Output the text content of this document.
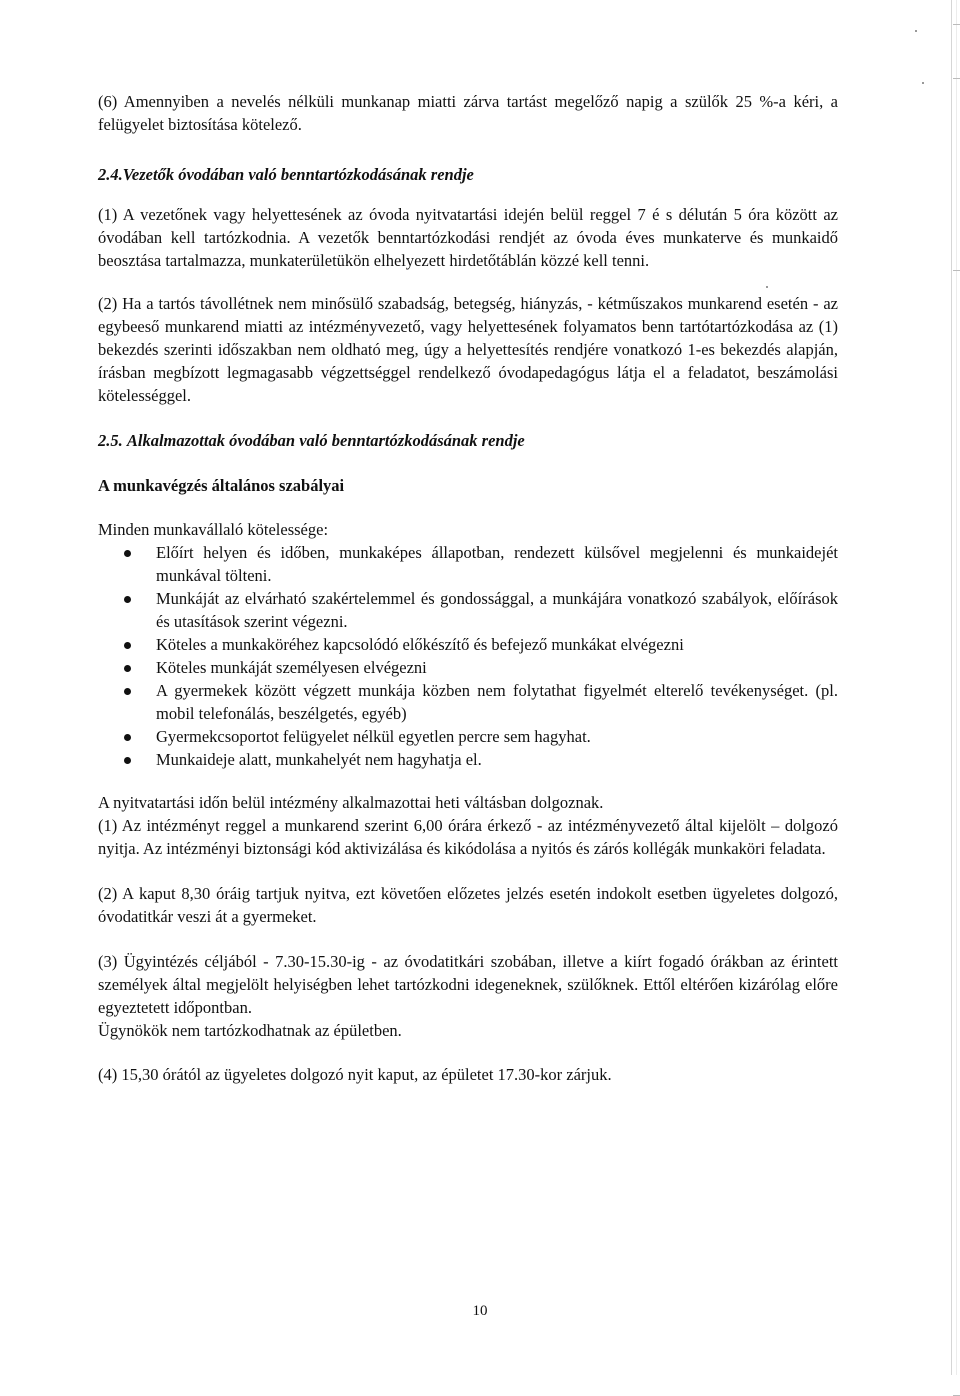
(6) Amennyiben a nevelés nélküli munkanap miatti zárva tartást megelőző napig a szülők 25 %-a kéri, a felügyelet biztosítása kötelező.

2.4.Vezetők óvodában való benntartózkodásának rendje

(1) A vezetőnek vagy helyettesének az óvoda nyitvatartási idején belül reggel 7 é s délután 5 óra között az óvodában kell tartózkodnia. A vezetők benntartózkodási rendjét az óvoda éves munkaterve és munkaidő beosztása tartalmazza, munkaterületükön elhelyezett hirdetőtáblán közzé kell tenni.

(2) Ha a tartós távollétnek nem minősülő szabadság, betegség, hiányzás, - kétműszakos munkarend esetén - az egybeeső munkarend miatti az intézményvezető, vagy helyettesének folyamatos benn tartótartózkodása az (1) bekezdés szerinti időszakban nem oldható meg, úgy a helyettesítés rendjére vonatkozó 1-es bekezdés alapján, írásban megbízott legmagasabb végzettséggel rendelkező óvodapedagógus látja el a feladatot, beszámolási kötelességgel.

2.5. Alkalmazottak óvodában való benntartózkodásának rendje

A munkavégzés általános szabályai

Minden munkavállaló kötelessége:

Előírt helyen és időben, munkaképes állapotban, rendezett külsővel megjelenni és munkaidejét munkával tölteni.
Munkáját az elvárható szakértelemmel és gondossággal, a munkájára vonatkozó szabályok, előírások és utasítások szerint végezni.
Köteles a munkaköréhez kapcsolódó előkészítő és befejező munkákat elvégezni
Köteles munkáját személyesen elvégezni
A gyermekek között végzett munkája közben nem folytathat figyelmét elterelő tevékenységet. (pl. mobil telefonálás, beszélgetés, egyéb)
Gyermekcsoportot felügyelet nélkül egyetlen percre sem hagyhat.
Munkaideje alatt, munkahelyét nem hagyhatja el.

A nyitvatartási időn belül intézmény alkalmazottai heti váltásban dolgoznak.

(1) Az intézményt reggel a munkarend szerint 6,00 órára érkező - az intézményvezető által kijelölt – dolgozó nyitja. Az intézményi biztonsági kód aktivizálása és kikódolása a nyitós és zárós kollégák munkaköri feladata.

(2) A kaput 8,30 óráig tartjuk nyitva, ezt követően előzetes jelzés esetén indokolt esetben ügyeletes dolgozó, óvodatitkár veszi át a gyermeket.

(3) Ügyintézés céljából - 7.30-15.30-ig - az óvodatitkári szobában, illetve a kiírt fogadó órákban az érintett személyek által megjelölt helyiségben lehet tartózkodni idegeneknek, szülőknek. Ettől eltérően kizárólag előre egyeztetett időpontban.

Ügynökök nem tartózkodhatnak az épületben.

(4) 15,30 órától az ügyeletes dolgozó nyit kaput, az épületet 17.30-kor zárjuk.

10
